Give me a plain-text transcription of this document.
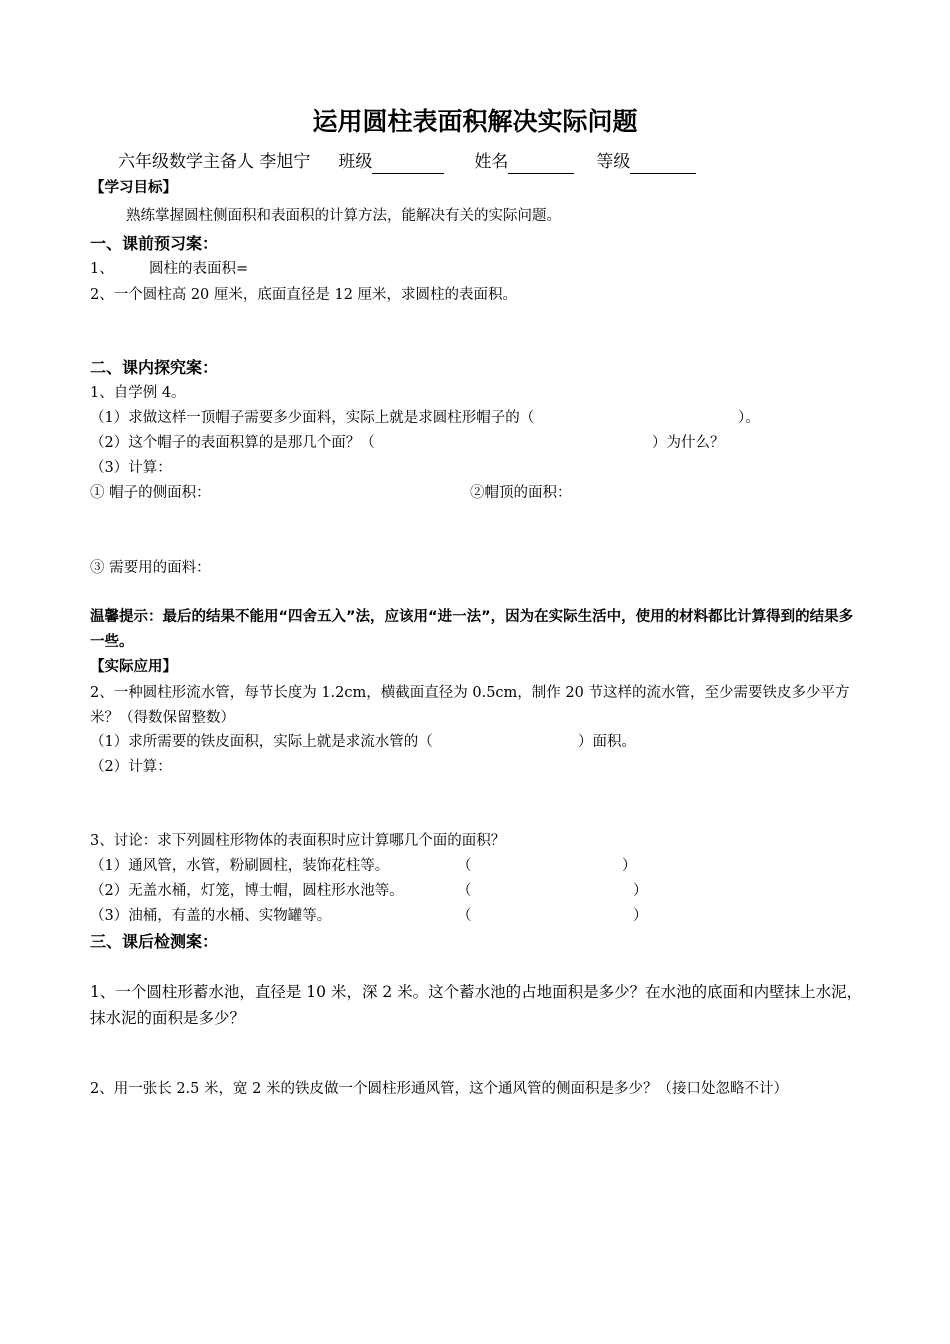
运用圆柱表面积解决实际问题
六年级数学主备人 李旭宁 班级	姓名	等级
【学习目标】
熟练掌握圆柱侧面积和表面积的计算方法，能解决有关的实际问题。
一、课前预习案：
1、 圆柱的表面积=
2、一个圆柱高 20 厘米，底面直径是 12 厘米，求圆柱的表面积。
二、课内探究案：
1、自学例 4。
（1）求做这样一顶帽子需要多少面料，实际上就是求圆柱形帽子的（	）。
（2）这个帽子的表面积算的是那几个面？（	）为什么？
（3）计算：
① 帽子的侧面积：	②帽顶的面积：
③ 需要用的面料：
温馨提示：最后的结果不能用“四舍五入”法，应该用“进一法”，因为在实际生活中，使用的材料都比计算得到的结果多一些。
【实际应用】
2、一种圆柱形流水管，每节长度为 1.2cm，横截面直径为 0.5cm，制作 20 节这样的流水管，至少需要铁皮多少平方米？（得数保留整数）
（1）求所需要的铁皮面积，实际上就是求流水管的（	）面积。
（2）计算：
3、讨论：求下列圆柱形物体的表面积时应计算哪几个面的面积？
（1）通风管，水管，粉刷圆柱，装饰花柱等。	（	）
（2）无盖水桶，灯笼，博士帽，圆柱形水池等。	（	）
（3）油桶，有盖的水桶、实物罐等。	（	）
三、课后检测案：
1、一个圆柱形蓄水池，直径是 10 米，深 2 米。这个蓄水池的占地面积是多少？在水池的底面和内壁抹上水泥，抹水泥的面积是多少？
2、用一张长 2.5 米，宽 2 米的铁皮做一个圆柱形通风管，这个通风管的侧面积是多少？（接口处忽略不计）
